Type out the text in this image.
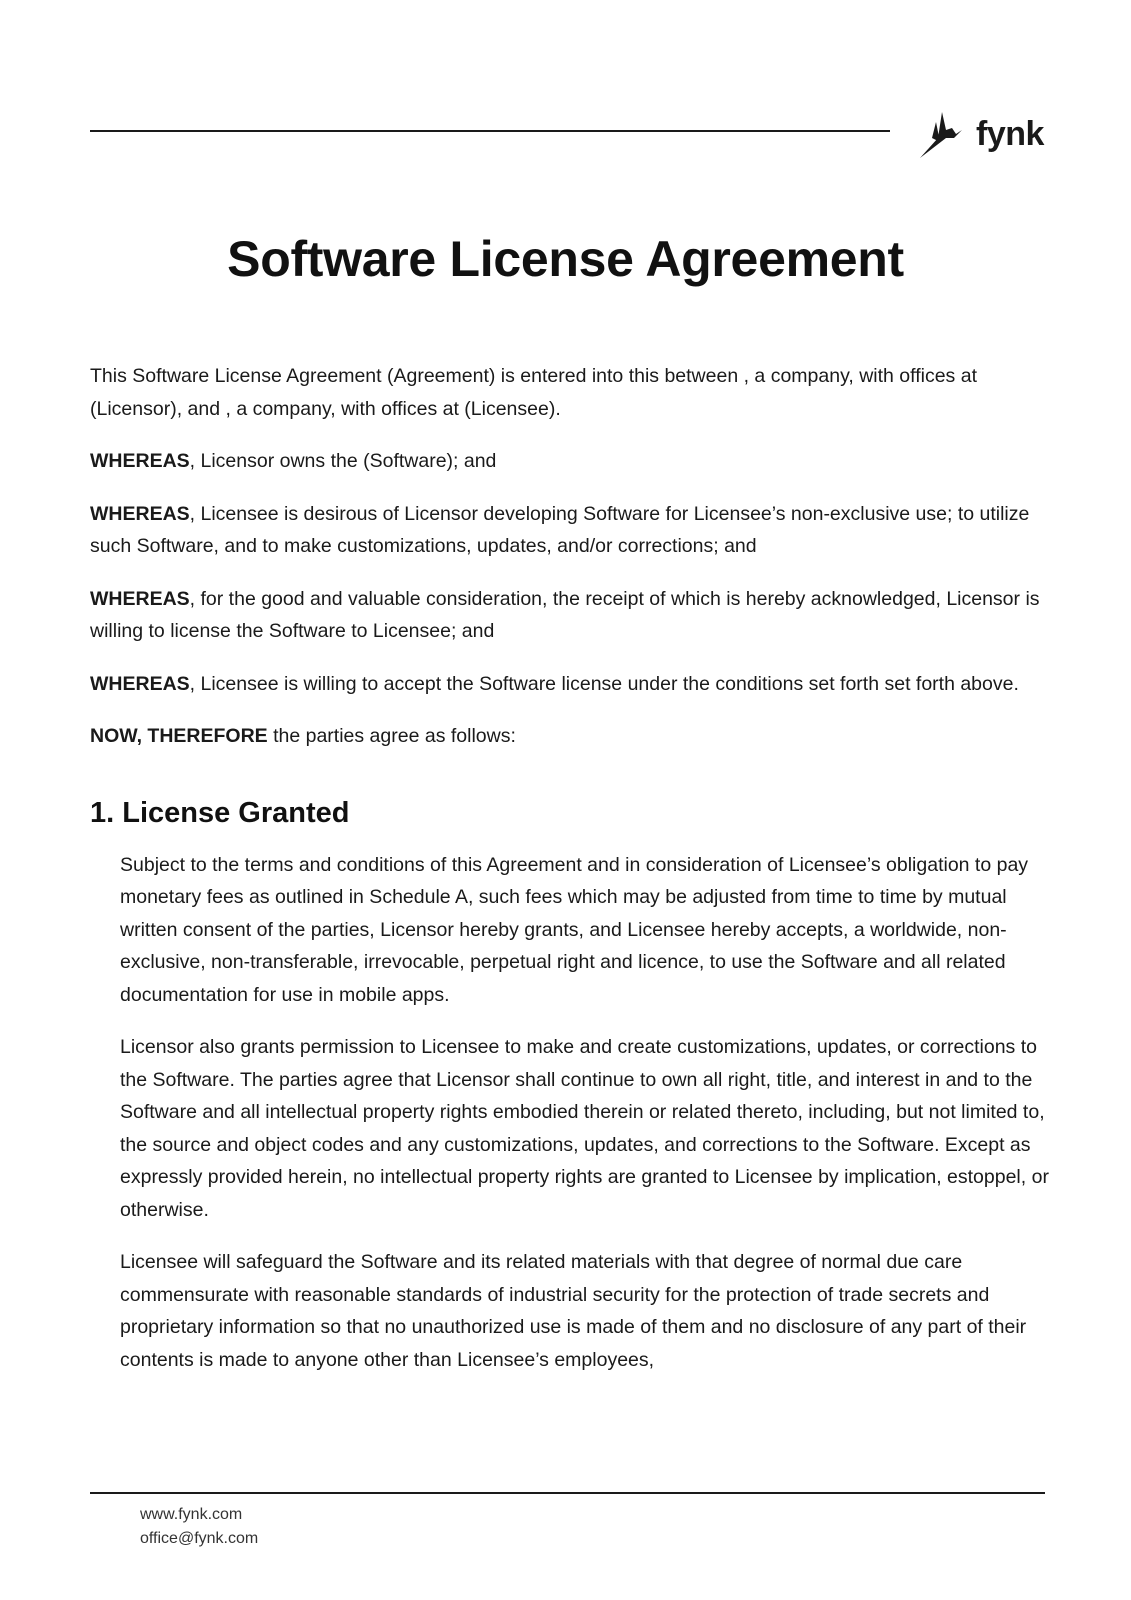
fynk
Software License Agreement

This Software License Agreement (Agreement) is entered into this between , a company, with offices at (Licensor), and , a company, with offices at (Licensee).

WHEREAS, Licensor owns the (Software); and

WHEREAS, Licensee is desirous of Licensor developing Software for Licensee’s non-exclusive use; to utilize such Software, and to make customizations, updates, and/or corrections; and

WHEREAS, for the good and valuable consideration, the receipt of which is hereby acknowledged, Licensor is willing to license the Software to Licensee; and

WHEREAS, Licensee is willing to accept the Software license under the conditions set forth set forth above.

NOW, THEREFORE the parties agree as follows:

1. License Granted

Subject to the terms and conditions of this Agreement and in consideration of Licensee’s obligation to pay monetary fees as outlined in Schedule A, such fees which may be adjusted from time to time by mutual written consent of the parties, Licensor hereby grants, and Licensee hereby accepts, a worldwide, non-exclusive, non-transferable, irrevocable, perpetual right and licence, to use the Software and all related documentation for use in mobile apps.

Licensor also grants permission to Licensee to make and create customizations, updates, or corrections to the Software. The parties agree that Licensor shall continue to own all right, title, and interest in and to the Software and all intellectual property rights embodied therein or related thereto, including, but not limited to, the source and object codes and any customizations, updates, and corrections to the Software. Except as expressly provided herein, no intellectual property rights are granted to Licensee by implication, estoppel, or otherwise.

Licensee will safeguard the Software and its related materials with that degree of normal due care commensurate with reasonable standards of industrial security for the protection of trade secrets and proprietary information so that no unauthorized use is made of them and no disclosure of any part of their contents is made to anyone other than Licensee’s employees,

www.fynk.com
office@fynk.com
